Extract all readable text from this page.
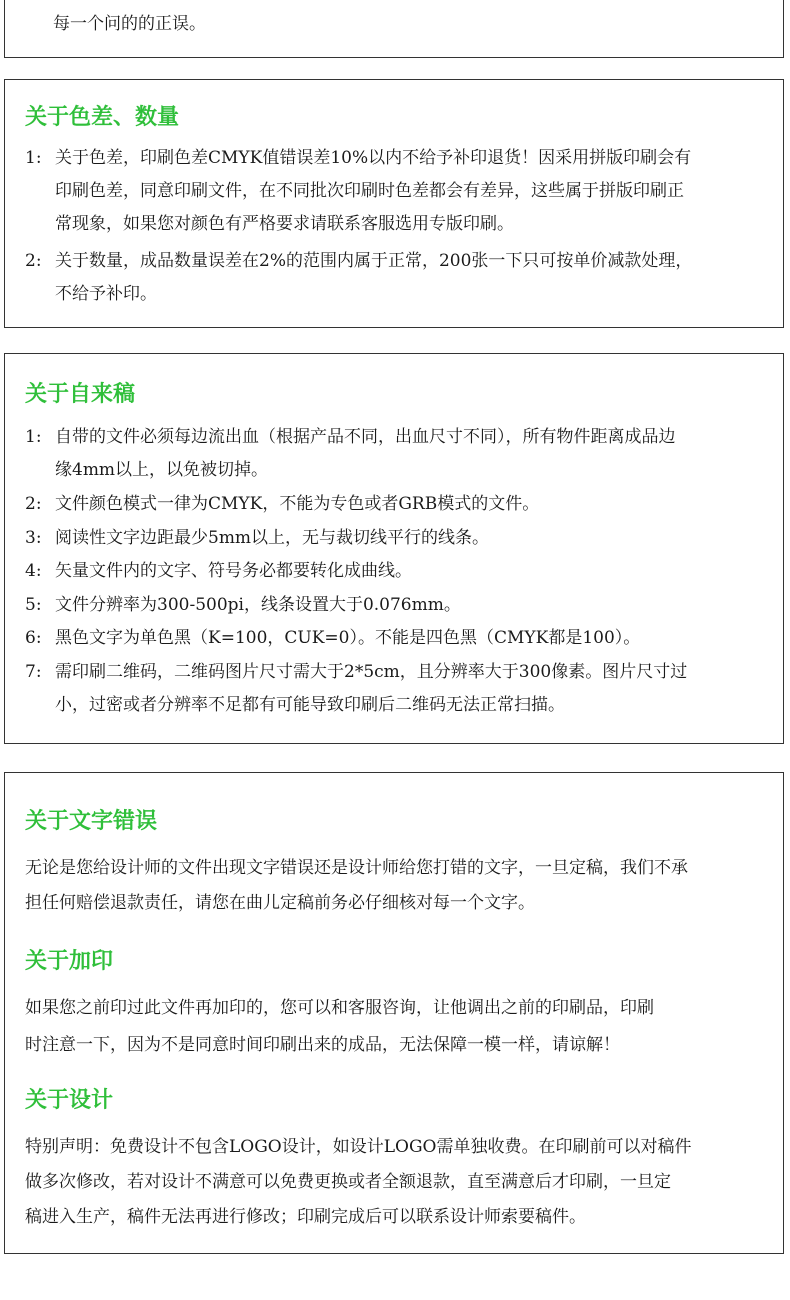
每一个问的的正误。
关于色差、数量
1: 关于色差，印刷色差CMYK值错误差10%以内不给予补印退货！因采用拼版印刷会有
印刷色差，同意印刷文件，在不同批次印刷时色差都会有差异，这些属于拼版印刷正
常现象，如果您对颜色有严格要求请联系客服选用专版印刷。
2: 关于数量，成品数量误差在2%的范围内属于正常，200张一下只可按单价减款处理，
不给予补印。
关于自来稿
1: 自带的文件必须每边流出血（根据产品不同，出血尺寸不同），所有物件距离成品边
缘4mm以上，以免被切掉。
2: 文件颜色模式一律为CMYK，不能为专色或者GRB模式的文件。
3: 阅读性文字边距最少5mm以上，无与裁切线平行的线条。
4: 矢量文件内的文字、符号务必都要转化成曲线。
5: 文件分辨率为300-500pi，线条设置大于0.076mm。
6: 黑色文字为单色黑（K=100，CUK=0）。不能是四色黑（CMYK都是100）。
7: 需印刷二维码，二维码图片尺寸需大于2*5cm，且分辨率大于300像素。图片尺寸过
小，过密或者分辨率不足都有可能导致印刷后二维码无法正常扫描。
关于文字错误
无论是您给设计师的文件出现文字错误还是设计师给您打错的文字，一旦定稿，我们不承
担任何赔偿退款责任，请您在曲儿定稿前务必仔细核对每一个文字。
关于加印
如果您之前印过此文件再加印的，您可以和客服咨询，让他调出之前的印刷品，印刷
时注意一下，因为不是同意时间印刷出来的成品，无法保障一模一样，请谅解！
关于设计
特别声明：免费设计不包含LOGO设计，如设计LOGO需单独收费。在印刷前可以对稿件
做多次修改，若对设计不满意可以免费更换或者全额退款，直至满意后才印刷，一旦定
稿进入生产，稿件无法再进行修改；印刷完成后可以联系设计师索要稿件。
